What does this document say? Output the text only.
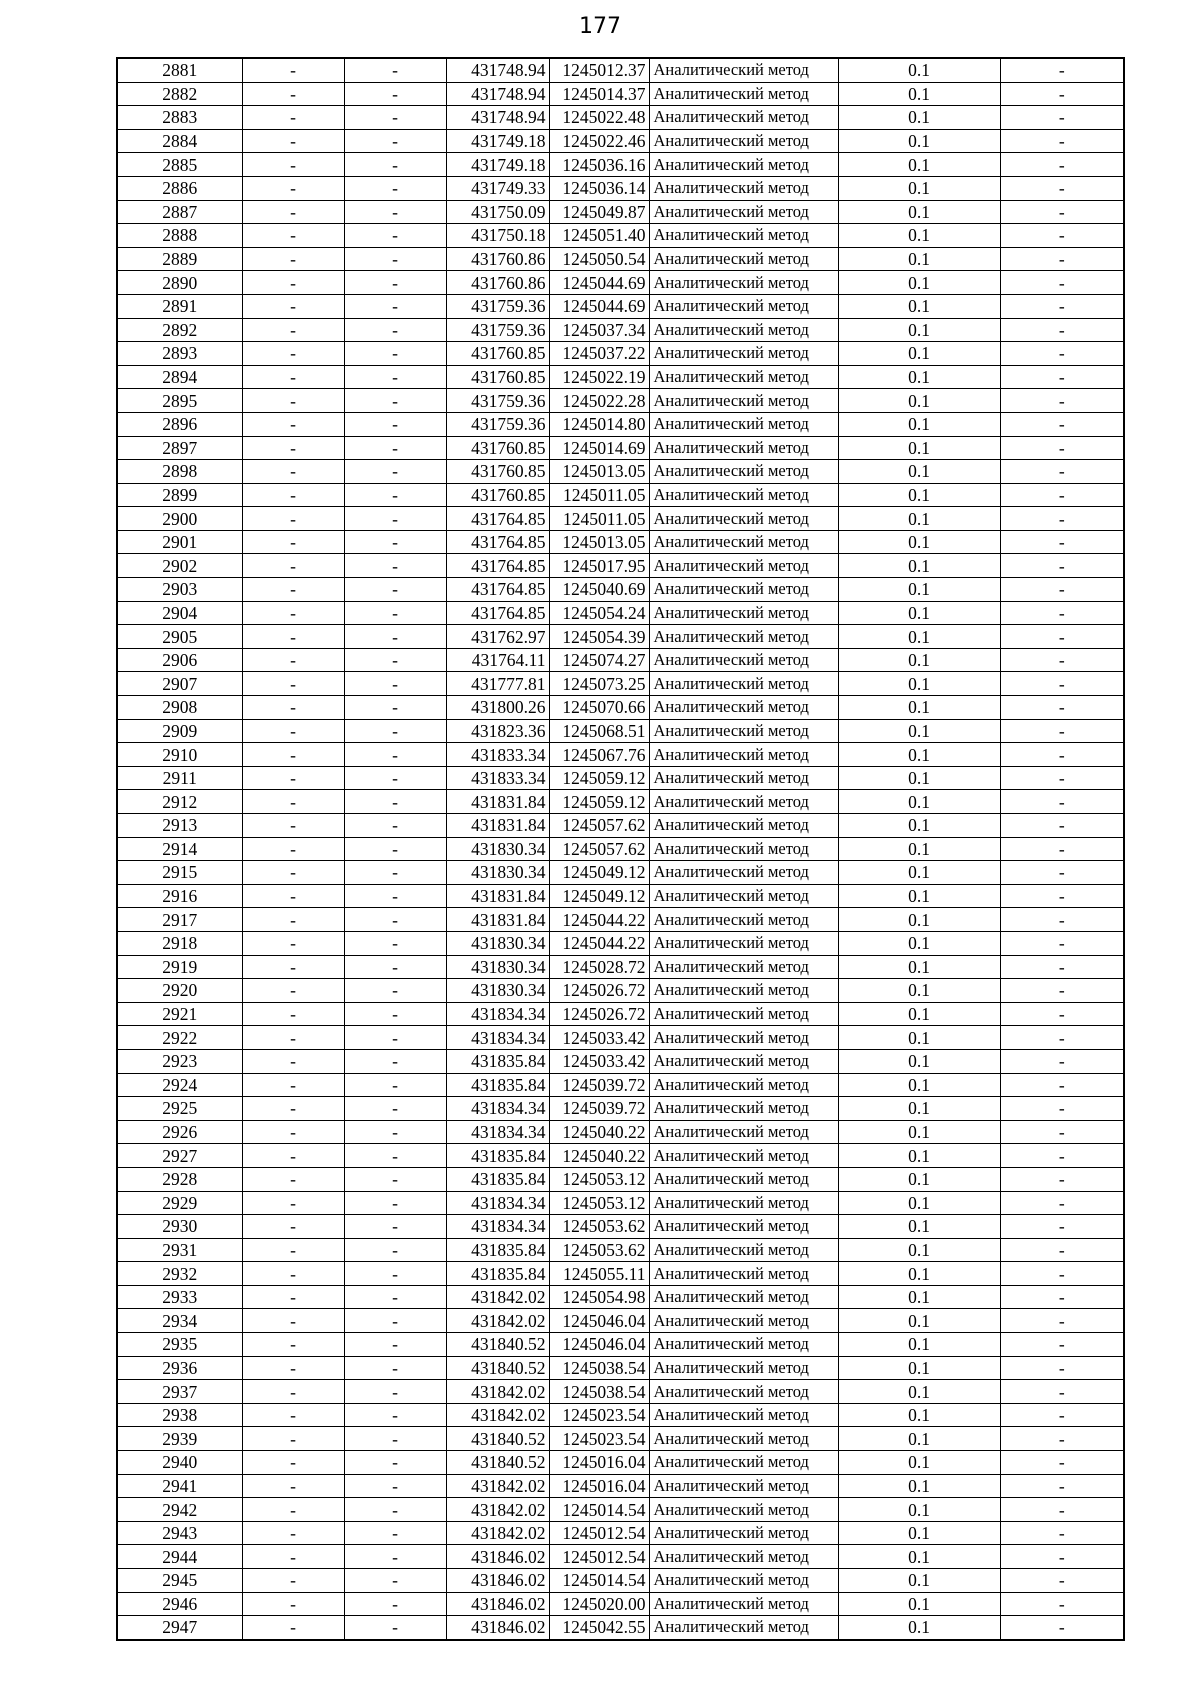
177
2881	-	-	431748.94	1245012.37	Аналитический метод	0.1	-
2882	-	-	431748.94	1245014.37	Аналитический метод	0.1	-
2883	-	-	431748.94	1245022.48	Аналитический метод	0.1	-
2884	-	-	431749.18	1245022.46	Аналитический метод	0.1	-
2885	-	-	431749.18	1245036.16	Аналитический метод	0.1	-
2886	-	-	431749.33	1245036.14	Аналитический метод	0.1	-
2887	-	-	431750.09	1245049.87	Аналитический метод	0.1	-
2888	-	-	431750.18	1245051.40	Аналитический метод	0.1	-
2889	-	-	431760.86	1245050.54	Аналитический метод	0.1	-
2890	-	-	431760.86	1245044.69	Аналитический метод	0.1	-
2891	-	-	431759.36	1245044.69	Аналитический метод	0.1	-
2892	-	-	431759.36	1245037.34	Аналитический метод	0.1	-
2893	-	-	431760.85	1245037.22	Аналитический метод	0.1	-
2894	-	-	431760.85	1245022.19	Аналитический метод	0.1	-
2895	-	-	431759.36	1245022.28	Аналитический метод	0.1	-
2896	-	-	431759.36	1245014.80	Аналитический метод	0.1	-
2897	-	-	431760.85	1245014.69	Аналитический метод	0.1	-
2898	-	-	431760.85	1245013.05	Аналитический метод	0.1	-
2899	-	-	431760.85	1245011.05	Аналитический метод	0.1	-
2900	-	-	431764.85	1245011.05	Аналитический метод	0.1	-
2901	-	-	431764.85	1245013.05	Аналитический метод	0.1	-
2902	-	-	431764.85	1245017.95	Аналитический метод	0.1	-
2903	-	-	431764.85	1245040.69	Аналитический метод	0.1	-
2904	-	-	431764.85	1245054.24	Аналитический метод	0.1	-
2905	-	-	431762.97	1245054.39	Аналитический метод	0.1	-
2906	-	-	431764.11	1245074.27	Аналитический метод	0.1	-
2907	-	-	431777.81	1245073.25	Аналитический метод	0.1	-
2908	-	-	431800.26	1245070.66	Аналитический метод	0.1	-
2909	-	-	431823.36	1245068.51	Аналитический метод	0.1	-
2910	-	-	431833.34	1245067.76	Аналитический метод	0.1	-
2911	-	-	431833.34	1245059.12	Аналитический метод	0.1	-
2912	-	-	431831.84	1245059.12	Аналитический метод	0.1	-
2913	-	-	431831.84	1245057.62	Аналитический метод	0.1	-
2914	-	-	431830.34	1245057.62	Аналитический метод	0.1	-
2915	-	-	431830.34	1245049.12	Аналитический метод	0.1	-
2916	-	-	431831.84	1245049.12	Аналитический метод	0.1	-
2917	-	-	431831.84	1245044.22	Аналитический метод	0.1	-
2918	-	-	431830.34	1245044.22	Аналитический метод	0.1	-
2919	-	-	431830.34	1245028.72	Аналитический метод	0.1	-
2920	-	-	431830.34	1245026.72	Аналитический метод	0.1	-
2921	-	-	431834.34	1245026.72	Аналитический метод	0.1	-
2922	-	-	431834.34	1245033.42	Аналитический метод	0.1	-
2923	-	-	431835.84	1245033.42	Аналитический метод	0.1	-
2924	-	-	431835.84	1245039.72	Аналитический метод	0.1	-
2925	-	-	431834.34	1245039.72	Аналитический метод	0.1	-
2926	-	-	431834.34	1245040.22	Аналитический метод	0.1	-
2927	-	-	431835.84	1245040.22	Аналитический метод	0.1	-
2928	-	-	431835.84	1245053.12	Аналитический метод	0.1	-
2929	-	-	431834.34	1245053.12	Аналитический метод	0.1	-
2930	-	-	431834.34	1245053.62	Аналитический метод	0.1	-
2931	-	-	431835.84	1245053.62	Аналитический метод	0.1	-
2932	-	-	431835.84	1245055.11	Аналитический метод	0.1	-
2933	-	-	431842.02	1245054.98	Аналитический метод	0.1	-
2934	-	-	431842.02	1245046.04	Аналитический метод	0.1	-
2935	-	-	431840.52	1245046.04	Аналитический метод	0.1	-
2936	-	-	431840.52	1245038.54	Аналитический метод	0.1	-
2937	-	-	431842.02	1245038.54	Аналитический метод	0.1	-
2938	-	-	431842.02	1245023.54	Аналитический метод	0.1	-
2939	-	-	431840.52	1245023.54	Аналитический метод	0.1	-
2940	-	-	431840.52	1245016.04	Аналитический метод	0.1	-
2941	-	-	431842.02	1245016.04	Аналитический метод	0.1	-
2942	-	-	431842.02	1245014.54	Аналитический метод	0.1	-
2943	-	-	431842.02	1245012.54	Аналитический метод	0.1	-
2944	-	-	431846.02	1245012.54	Аналитический метод	0.1	-
2945	-	-	431846.02	1245014.54	Аналитический метод	0.1	-
2946	-	-	431846.02	1245020.00	Аналитический метод	0.1	-
2947	-	-	431846.02	1245042.55	Аналитический метод	0.1	-
